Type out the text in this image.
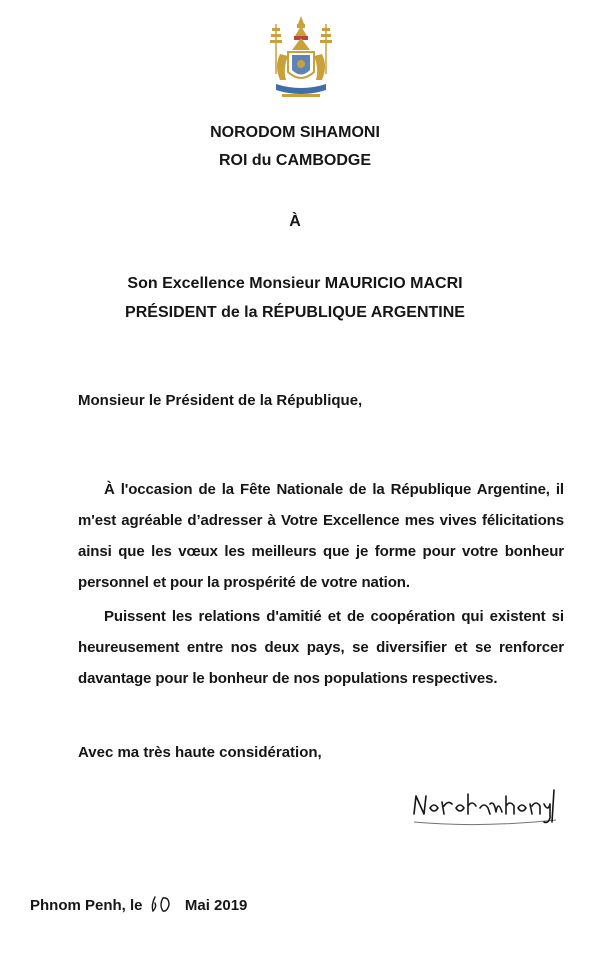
NORODOM SIHAMONI
ROI du CAMBODGE
À
Son Excellence Monsieur MAURICIO MACRI
PRÉSIDENT de la RÉPUBLIQUE ARGENTINE
Monsieur le Président de la République,
À l'occasion de la Fête Nationale de la République Argentine, il
m'est agréable d’adresser à Votre Excellence mes vives félicitations
ainsi que les vœux les meilleurs que je forme pour votre bonheur
personnel et pour la prospérité de votre nation.
Puissent les relations d'amitié et de coopération qui existent si
heureusement entre nos deux pays, se diversifier et se renforcer
davantage pour le bonheur de nos populations respectives.
Avec ma très haute considération,
Phnom Penh, le	Mai 2019
